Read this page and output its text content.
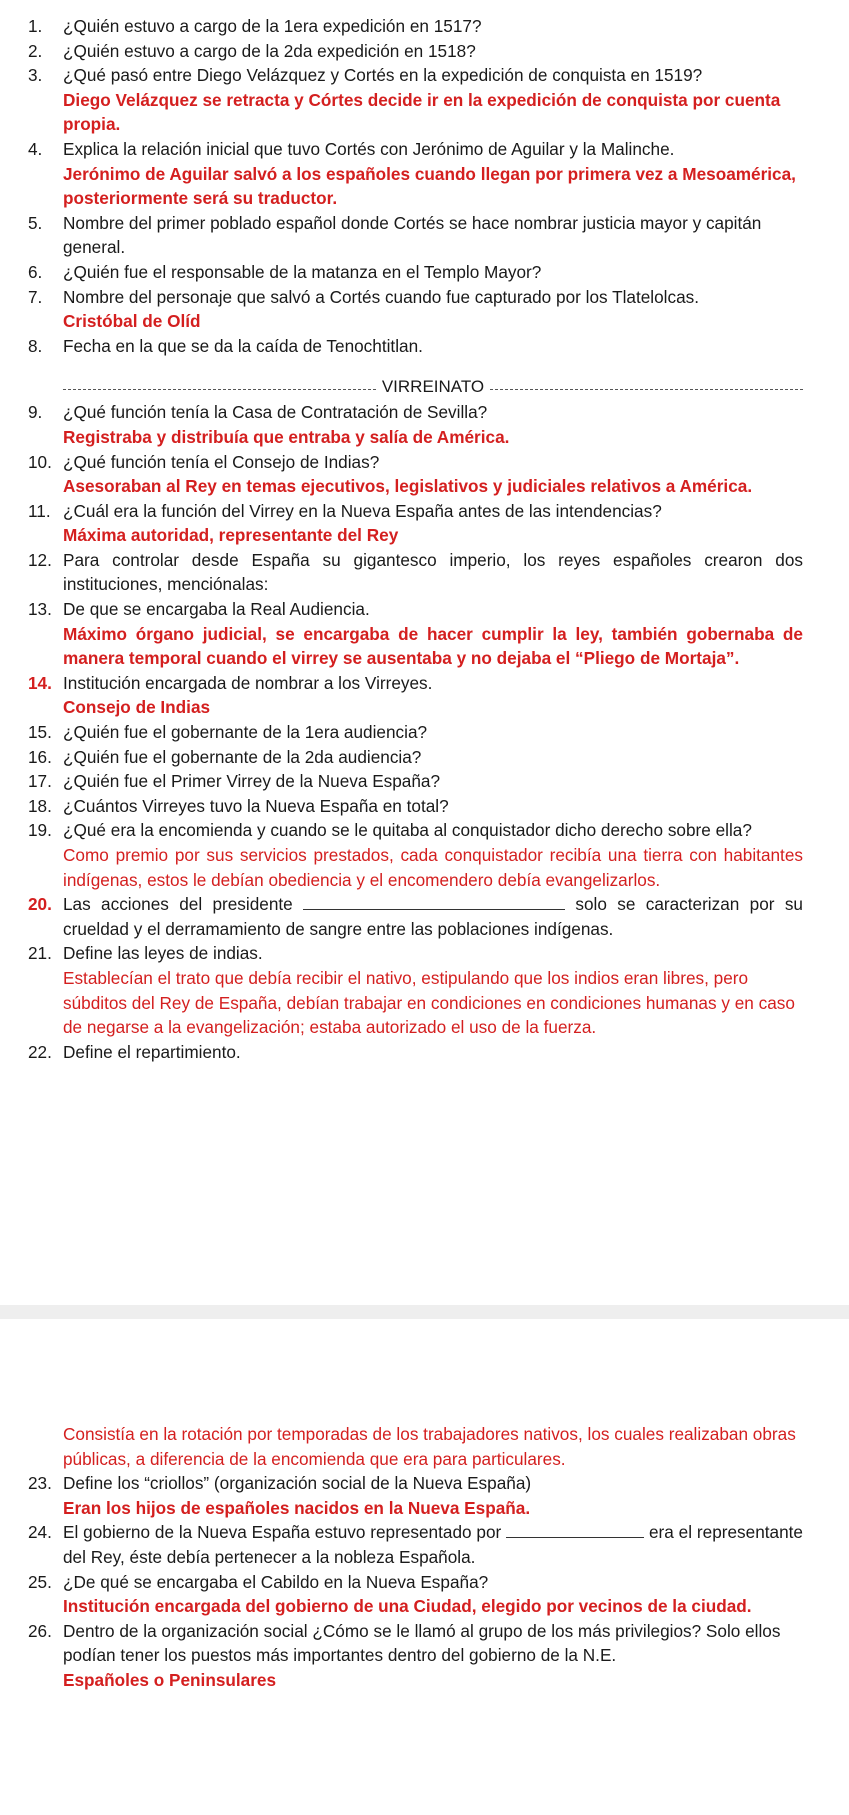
1.	¿Quién estuvo a cargo de la 1era expedición en 1517?
2.	¿Quién estuvo a cargo de la 2da expedición en 1518?
3.	¿Qué pasó entre Diego Velázquez y Cortés en la expedición de conquista en 1519?

Diego Velázquez se retracta y Córtes decide ir en la expedición de conquista por cuenta propia.

4.	Explica la relación inicial que tuvo Cortés con Jerónimo de Aguilar y la Malinche.

Jerónimo de Aguilar salvó a los españoles cuando llegan por primera vez a Mesoamérica, posteriormente será su traductor.

5.	Nombre del primer poblado español donde Cortés se hace nombrar justicia mayor y capitán general.
6.	¿Quién fue el responsable de la matanza en el Templo Mayor?
7.	Nombre del personaje que salvó a Cortés cuando fue capturado por los Tlatelolcas.

Cristóbal de Olíd

8.	Fecha en la que se da la caída de Tenochtitlan.
VIRREINATO
9.	¿Qué función tenía la Casa de Contratación de Sevilla?

Registraba y distribuía que entraba y salía de América.

10. ¿Qué función tenía el Consejo de Indias?

Asesoraban al Rey en temas ejecutivos, legislativos y judiciales relativos a América.

11. ¿Cuál era la función del Virrey en la Nueva España antes de las intendencias?

Máxima autoridad, representante del Rey

12. Para controlar desde España su gigantesco imperio, los reyes españoles crearon dos instituciones, menciónalas:
13. De que se encargaba la Real Audiencia.

Máximo órgano judicial, se encargaba de hacer cumplir la ley, también gobernaba de manera temporal cuando el virrey se ausentaba y no dejaba el “Pliego de Mortaja”.

14. Institución encargada de nombrar a los Virreyes.

Consejo de Indias

15. ¿Quién fue el gobernante de la 1era audiencia?
16. ¿Quién fue el gobernante de la 2da audiencia?
17. ¿Quién fue el Primer Virrey de la Nueva España?
18. ¿Cuántos Virreyes tuvo la Nueva España en total?
19. ¿Qué era la encomienda y cuando se le quitaba al conquistador dicho derecho sobre ella?

Como premio por sus servicios prestados, cada conquistador recibía una tierra con habitantes indígenas, estos le debían obediencia y el encomendero debía evangelizarlos.

20. Las acciones del presidente	solo se caracterizan por su crueldad y el derramamiento de sangre entre las poblaciones indígenas.
21. Define las leyes de indias.

Establecían el trato que debía recibir el nativo, estipulando que los indios eran libres, pero súbditos del Rey de España, debían trabajar en condiciones en condiciones humanas y en caso de negarse a la evangelización; estaba autorizado el uso de la fuerza.

22. Define el repartimiento.

Consistía en la rotación por temporadas de los trabajadores nativos, los cuales realizaban obras públicas, a diferencia de la encomienda que era para particulares.

23. Define los “criollos” (organización social de la Nueva España)

Eran los hijos de españoles nacidos en la Nueva España.

24. El gobierno de la Nueva España estuvo representado por	era el representante del Rey, éste debía pertenecer a la nobleza Española.
25. ¿De qué se encargaba el Cabildo en la Nueva España?

Institución encargada del gobierno de una Ciudad, elegido por vecinos de la ciudad.

26. Dentro de la organización social ¿Cómo se le llamó al grupo de los más privilegios? Solo ellos podían tener los puestos más importantes dentro del gobierno de la N.E.

Españoles o Peninsulares
